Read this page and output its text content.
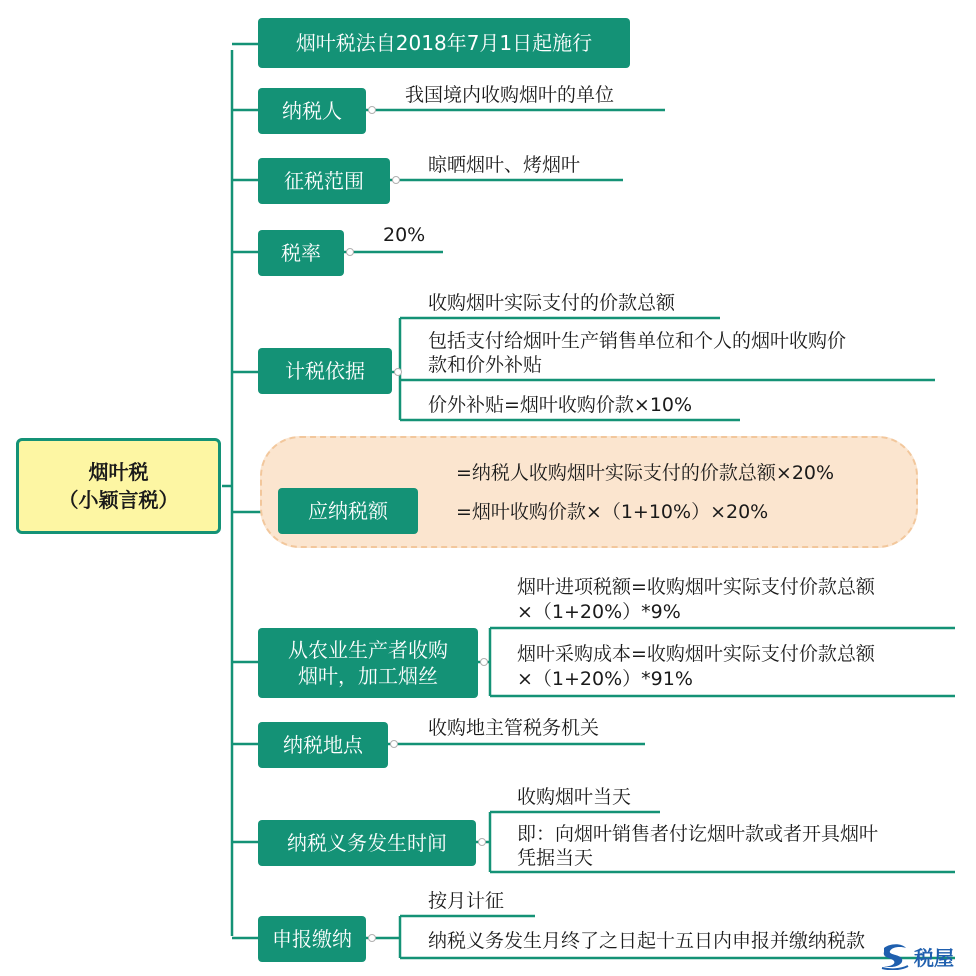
烟叶税
（小颖言税）
烟叶税法自2018年7月1日起施行
纳税人
我国境内收购烟叶的单位
征税范围
晾晒烟叶、烤烟叶
税率
20%
计税依据
收购烟叶实际支付的价款总额
包括支付给烟叶生产销售单位和个人的烟叶收购价
款和价外补贴
价外补贴=烟叶收购价款×10%
应纳税额
=纳税人收购烟叶实际支付的价款总额×20%
=烟叶收购价款×（1+10%）×20%
从农业生产者收购
烟叶，加工烟丝
烟叶进项税额=收购烟叶实际支付价款总额
×（1+20%）*9%
烟叶采购成本=收购烟叶实际支付价款总额
×（1+20%）*91%
纳税地点
收购地主管税务机关
纳税义务发生时间
收购烟叶当天
即：向烟叶销售者付讫烟叶款或者开具烟叶
凭据当天
申报缴纳
按月计征
纳税义务发生月终了之日起十五日内申报并缴纳税款
税屋
